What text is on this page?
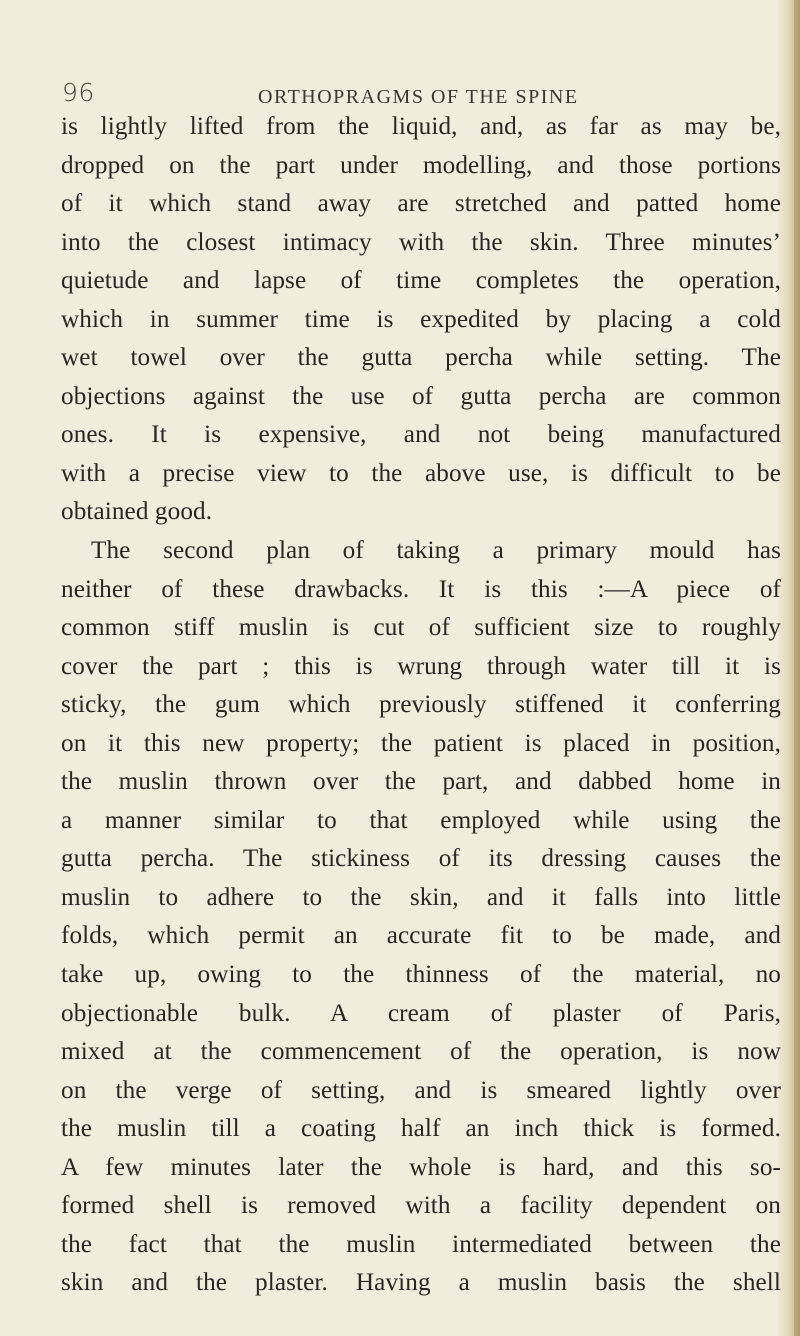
96	ORTHOPRAGMS OF THE SPINE
is lightly lifted from the liquid, and, as far as may be,
dropped on the part under modelling, and those portions
of it which stand away are stretched and patted home
into the closest intimacy with the skin. Three minutes’
quietude and lapse of time completes the operation,
which in summer time is expedited by placing a cold
wet towel over the gutta percha while setting. The
objections against the use of gutta percha are common
ones. It is expensive, and not being manufactured
with a precise view to the above use, is difficult to be
obtained good.
The second plan of taking a primary mould has
neither of these drawbacks. It is this :—A piece of
common stiff muslin is cut of sufficient size to roughly
cover the part ; this is wrung through water till it is
sticky, the gum which previously stiffened it conferring
on it this new property; the patient is placed in position,
the muslin thrown over the part, and dabbed home in
a manner similar to that employed while using the
gutta percha. The stickiness of its dressing causes the
muslin to adhere to the skin, and it falls into little
folds, which permit an accurate fit to be made, and
take up, owing to the thinness of the material, no
objectionable bulk. A cream of plaster of Paris,
mixed at the commencement of the operation, is now
on the verge of setting, and is smeared lightly over
the muslin till a coating half an inch thick is formed.
A few minutes later the whole is hard, and this so-
formed shell is removed with a facility dependent on
the fact that the muslin intermediated between the
skin and the plaster. Having a muslin basis the shell
